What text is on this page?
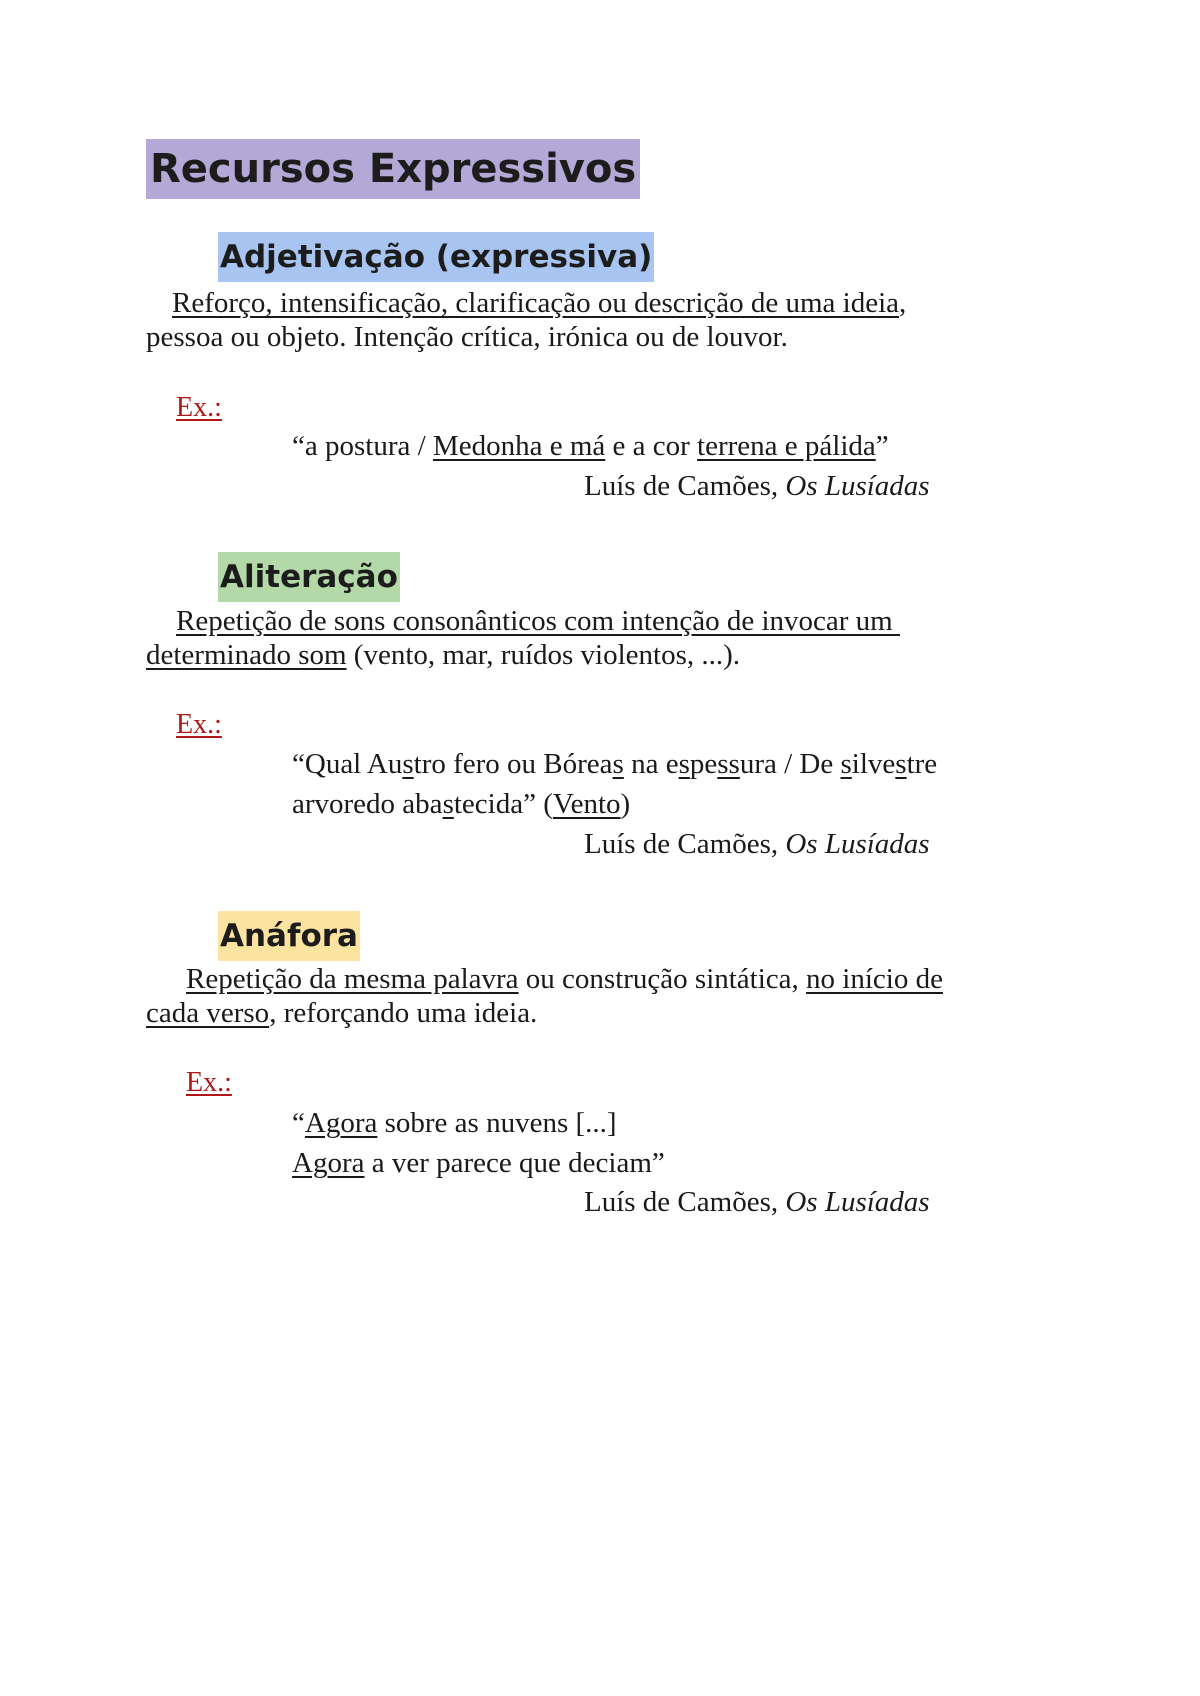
Recursos Expressivos
Adjetivação (expressiva)
Reforço, intensificação, clarificação ou descrição de uma ideia,
pessoa ou objeto. Intenção crítica, irónica ou de louvor.
Ex.:
“a postura / Medonha e má e a cor terrena e pálida”
Luís de Camões, Os Lusíadas
Aliteração
Repetição de sons consonânticos com intenção de invocar um
determinado som (vento, mar, ruídos violentos, ...).
Ex.:
“Qual Austro fero ou Bóreas na espessura / De silvestre
arvoredo abastecida” (Vento)
Luís de Camões, Os Lusíadas
Anáfora
Repetição da mesma palavra ou construção sintática, no início de
cada verso, reforçando uma ideia.
Ex.:
“Agora sobre as nuvens [...]
Agora a ver parece que deciam”
Luís de Camões, Os Lusíadas
